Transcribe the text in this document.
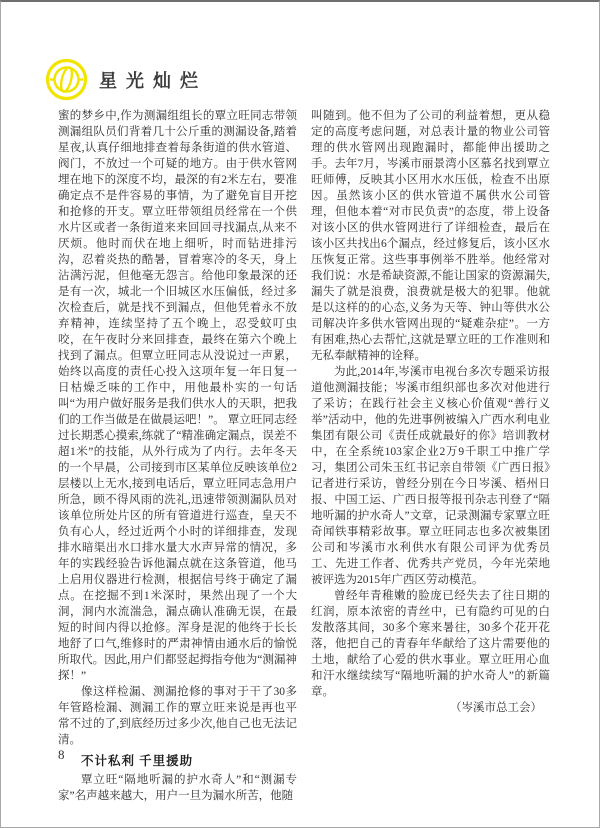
星光灿烂

蜜的梦乡中,作为测漏组组长的覃立旺同志带领测漏组队员们背着几十公斤重的测漏设备,踏着星夜,认真仔细地排查着每条街道的供水管道、阀门，不放过一个可疑的地方。由于供水管网埋在地下的深度不均，最深的有2米左右，要准确定点不是件容易的事情，为了避免盲目开挖和抢修的开支。覃立旺带领组员经常在一个供水片区或者一条街道来来回回寻找漏点,从来不厌烦。他时而伏在地上细听，时而钻进排污沟，忍着炎热的酷暑，冒着寒冷的冬天，身上沾满污泥，但他毫无怨言。给他印象最深的还是有一次，城北一个旧城区水压偏低，经过多次检查后，就是找不到漏点，但他凭着永不放弃精神，连续坚持了五个晚上，忍受蚊叮虫咬，在午夜时分来回排查，最终在第六个晚上找到了漏点。但覃立旺同志从没说过一声累，始终以高度的责任心投入这项年复一年日复一日枯燥乏味的工作中，用他最朴实的一句话叫“为用户做好服务是我们供水人的天职，把我们的工作当做是在做晨运吧！”。 覃立旺同志经过长期悉心摸索,练就了“精准确定漏点，误差不超1米”的技能，从外行成为了内行。去年冬天的一个早晨，公司接到市区某单位反映该单位2层楼以上无水,接到电话后，覃立旺同志急用户所急，顾不得风雨的洗礼,迅速带领测漏队员对该单位所处片区的所有管道进行巡查，皇天不负有心人，经过近两个小时的详细排查，发现排水暗渠出水口排水量大水声异常的情况，多年的实践经验告诉他漏点就在这条管道，他马上启用仪器进行检测，根据信号终于确定了漏点。在挖掘不到1米深时，果然出现了一个大洞，洞内水流湍急，漏点确认准确无误，在最短的时间内得以抢修。浑身是泥的他终于长长地舒了口气,维修时的严肃神情由通水后的愉悦所取代。因此,用户们都竖起拇指夸他为“测漏神探！”

像这样检漏、测漏抢修的事对于干了30多年管路检漏、测漏工作的覃立旺来说是再也平常不过的了,到底经历过多少次,他自己也无法记清。

不计私利 千里援助

覃立旺“隔地听漏的护水奇人”和“测漏专家”名声越来越大，用户一旦为漏水所苦，他随

叫随到。他不但为了公司的利益着想，更从稳定的高度考虑问题，对总表计量的物业公司管理的供水管网出现跑漏时，都能伸出援助之手。去年7月，岑溪市丽景湾小区慕名找到覃立旺师傅，反映其小区用水水压低，检查不出原因。虽然该小区的供水管道不属供水公司管理，但他本着“对市民负责”的态度，带上设备对该小区的供水管网进行了详细检查，最后在该小区共找出6个漏点，经过修复后，该小区水压恢复正常。这些事事例举不胜举。他经常对我们说：水是希缺资源,不能让国家的资源漏失,漏失了就是浪费，浪费就是极大的犯罪。他就是以这样的的心态,义务为天等、钟山等供水公司解决许多供水管网出现的“疑难杂症”。一方有困难,热心去帮忙,这就是覃立旺的工作准则和无私奉献精神的诠释。

为此,2014年,岑溪市电视台多次专题采访报道他测漏技能；岑溪市组织部也多次对他进行了采访；在践行社会主义核心价值观“善行义举”活动中，他的先进事例被编入广西水利电业集团有限公司《责任成就最好的你》培训教材中，在全系统103家企业2万9千职工中推广学习，集团公司朱玉红书记亲自带领《广西日报》记者进行采访，曾经分别在今日岑溪、梧州日报、中国工运、广西日报等报刊杂志刊登了“隔地听漏的护水奇人”文章，记录测漏专家覃立旺奇闻铁事精彩故事。覃立旺同志也多次被集团公司和岑溪市水利供水有限公司评为优秀员工、先进工作者、优秀共产党员，今年光荣地被评选为2015年广西区劳动模范。

曾经年青稚嫩的脸庞已经失去了往日期的红润，原本浓密的青丝中，已有隐约可见的白发散落其间，30多个寒来暑往，30多个花开花落，他把自己的青春年华献给了这片需要他的土地，献给了心爱的供水事业。覃立旺用心血和汗水继续续写“隔地听漏的护水奇人”的新篇章。

（岑溪市总工会）

8
